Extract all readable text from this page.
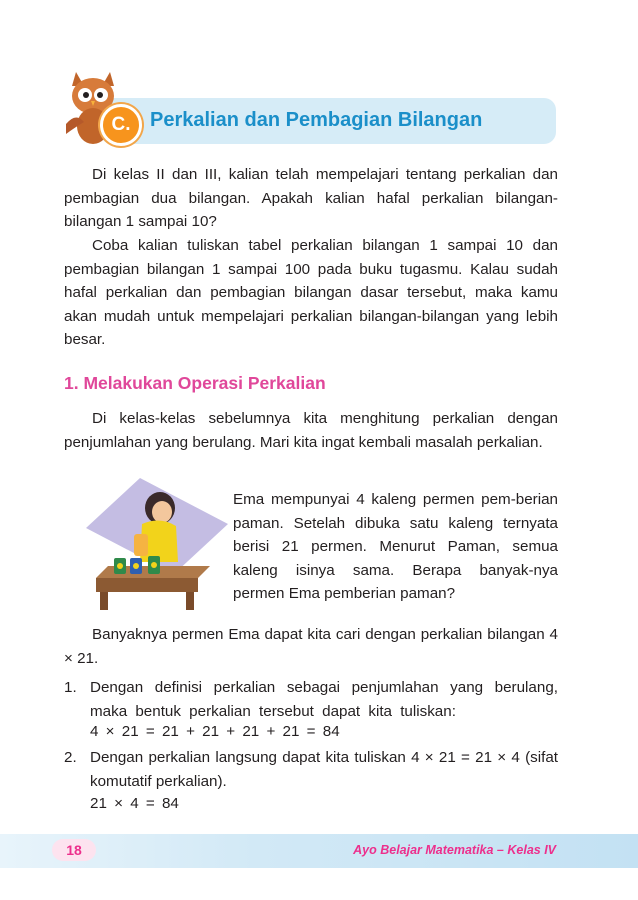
C. Perkalian dan Pembagian Bilangan

Di kelas II dan III, kalian telah mempelajari tentang perkalian dan pembagian dua bilangan. Apakah kalian hafal perkalian bilangan-bilangan 1 sampai 10?

Coba kalian tuliskan tabel perkalian bilangan 1 sampai 10 dan pembagian bilangan 1 sampai 100 pada buku tugasmu. Kalau sudah hafal perkalian dan pembagian bilangan dasar tersebut, maka kamu akan mudah untuk mempelajari perkalian bilangan-bilangan yang lebih besar.

1. Melakukan Operasi Perkalian

Di kelas-kelas sebelumnya kita menghitung perkalian dengan penjumlahan yang berulang. Mari kita ingat kembali masalah perkalian.

Ema mempunyai 4 kaleng permen pem-berian paman. Setelah dibuka satu kaleng ternyata berisi 21 permen. Menurut Paman, semua kaleng isinya sama. Berapa banyak-nya permen Ema pemberian paman?

Banyaknya permen Ema dapat kita cari dengan perkalian bilangan 4 × 21.

1. Dengan definisi perkalian sebagai penjumlahan yang berulang, maka bentuk perkalian tersebut dapat kita tuliskan:
4 × 21 = 21 + 21 + 21 + 21 = 84
2. Dengan perkalian langsung dapat kita tuliskan 4 × 21 = 21 × 4 (sifat komutatif perkalian).
21 × 4 = 84
18	Ayo Belajar Matematika – Kelas IV
